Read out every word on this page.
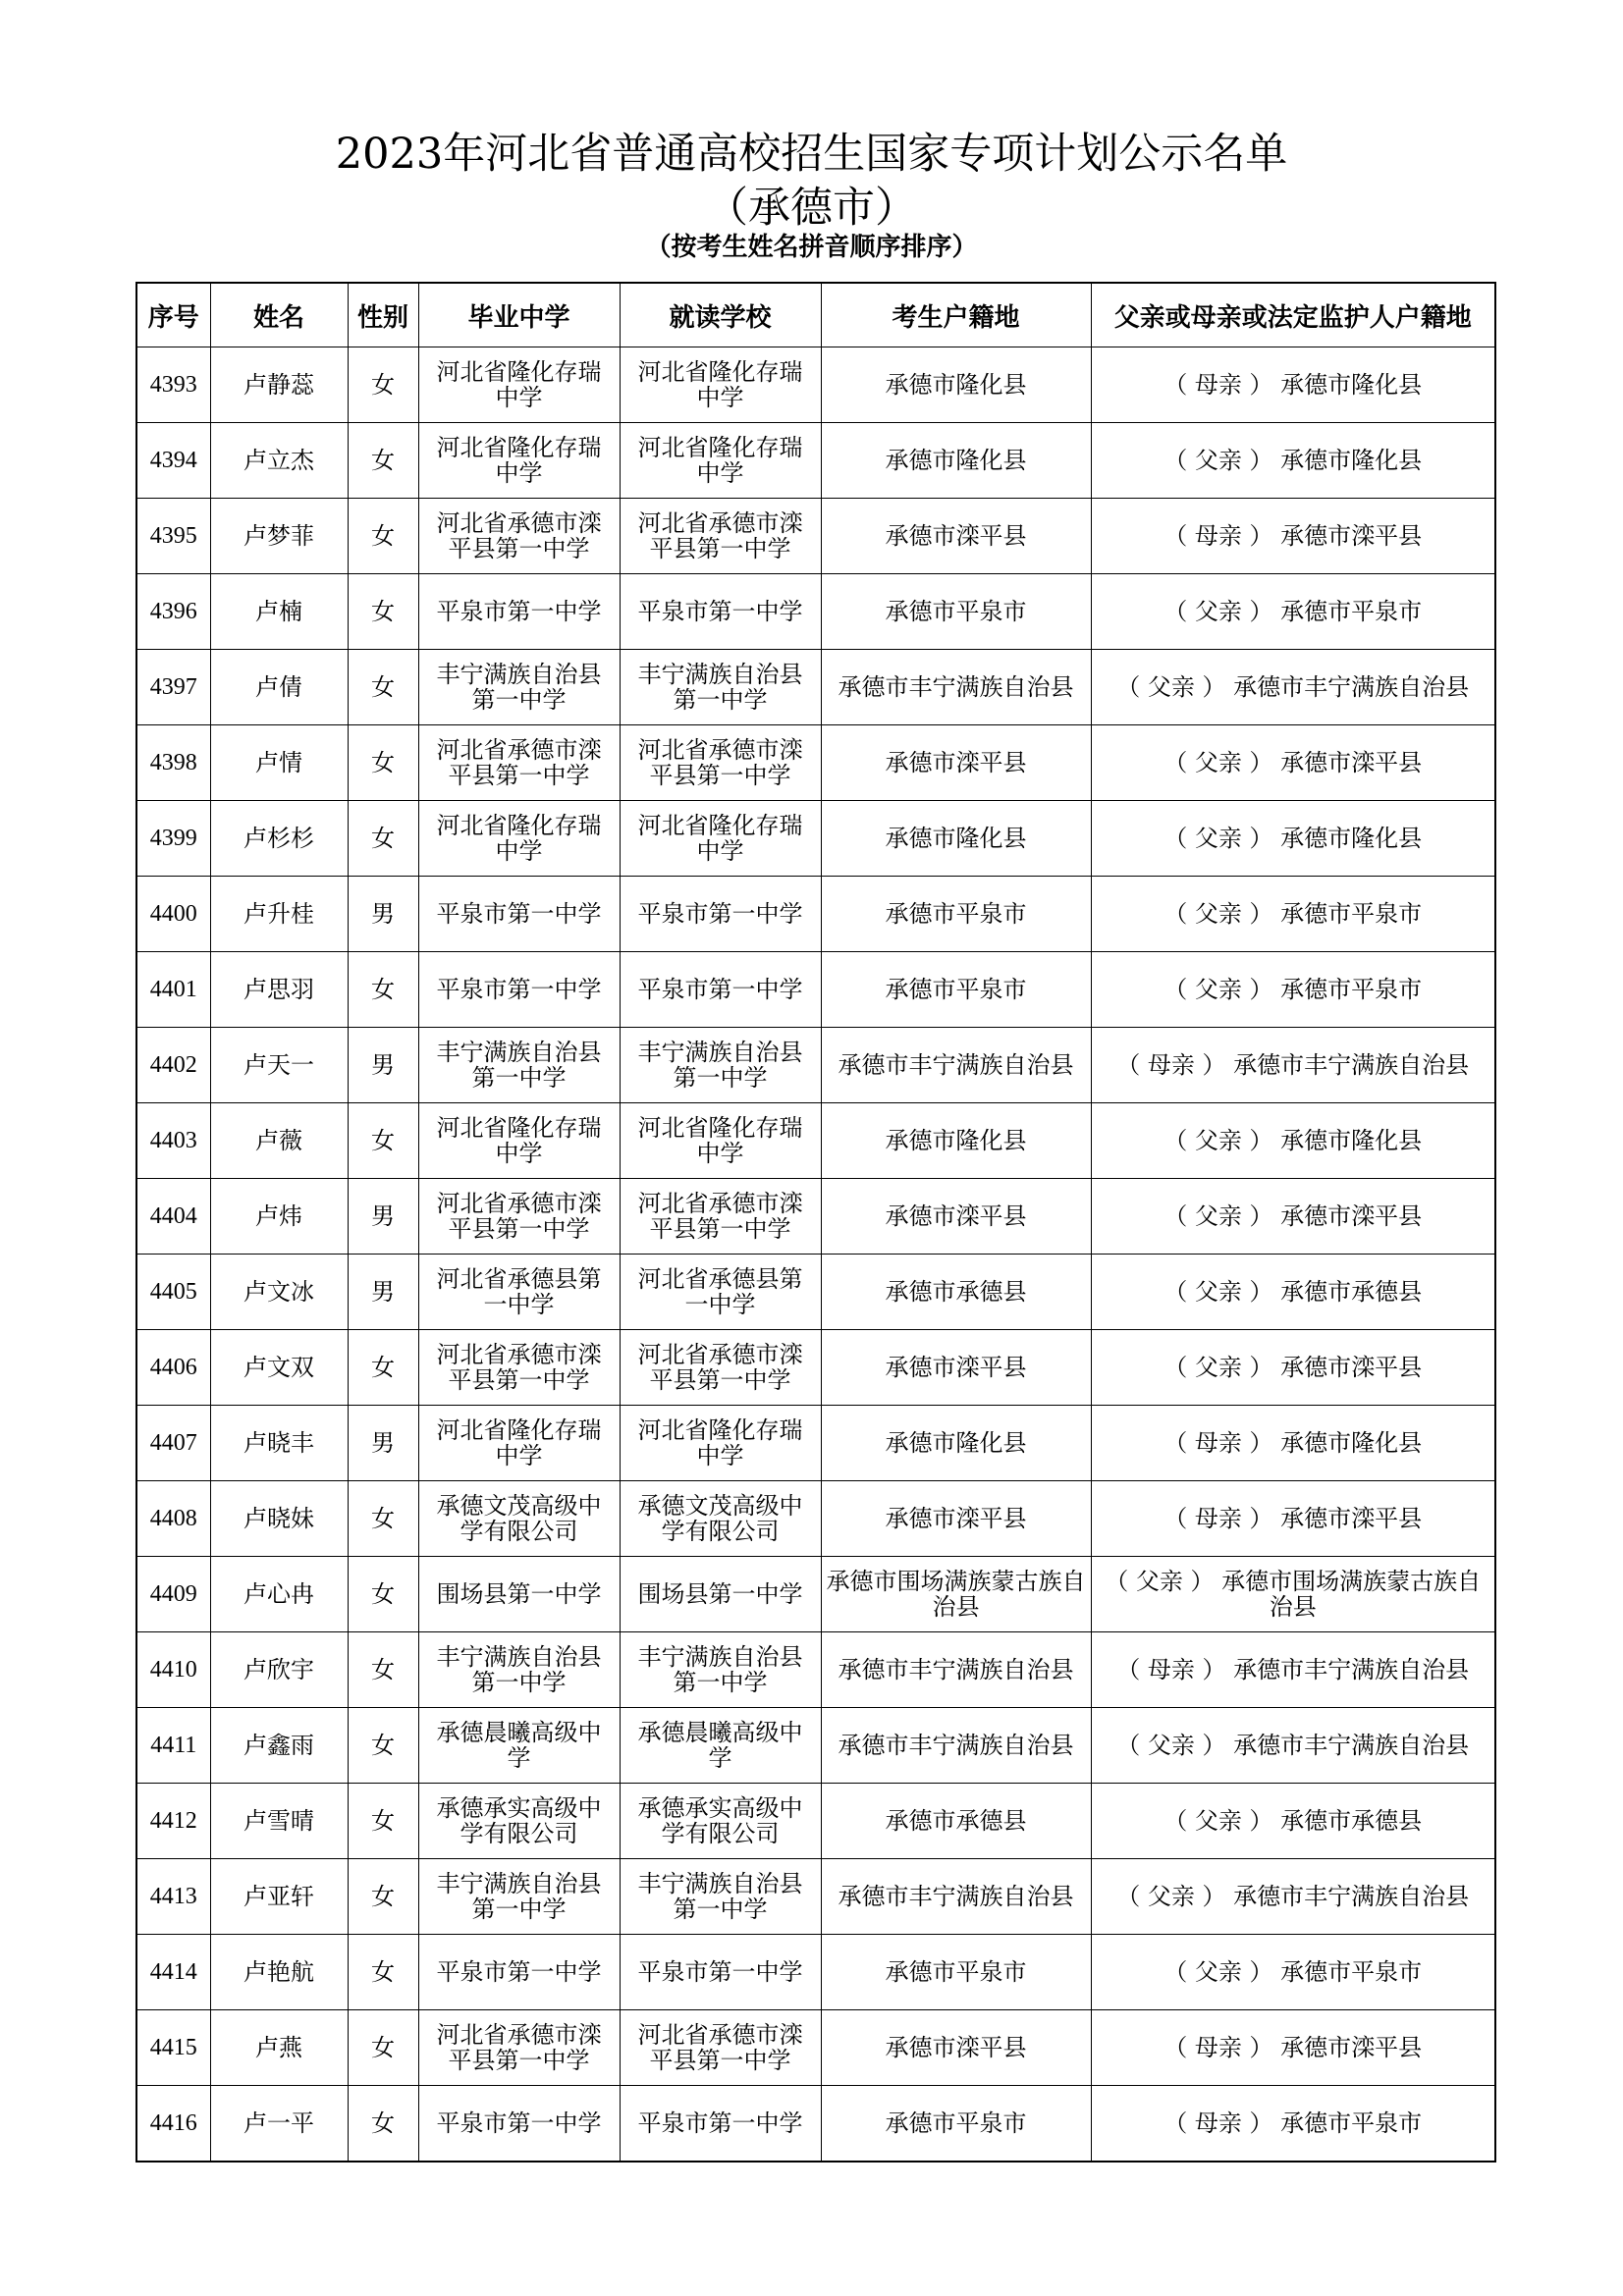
2023年河北省普通高校招生国家专项计划公示名单
（承德市）
（按考生姓名拼音顺序排序）
序号	姓名	性别	毕业中学	就读学校	考生户籍地	父亲或母亲或法定监护人户籍地
4393	卢静蕊	女	河北省隆化存瑞中学	河北省隆化存瑞中学	承德市隆化县	（ 母亲 ） 承德市隆化县
4394	卢立杰	女	河北省隆化存瑞中学	河北省隆化存瑞中学	承德市隆化县	（ 父亲 ） 承德市隆化县
4395	卢梦菲	女	河北省承德市滦平县第一中学	河北省承德市滦平县第一中学	承德市滦平县	（ 母亲 ） 承德市滦平县
4396	卢楠	女	平泉市第一中学	平泉市第一中学	承德市平泉市	（ 父亲 ） 承德市平泉市
4397	卢倩	女	丰宁满族自治县第一中学	丰宁满族自治县第一中学	承德市丰宁满族自治县	（ 父亲 ） 承德市丰宁满族自治县
4398	卢情	女	河北省承德市滦平县第一中学	河北省承德市滦平县第一中学	承德市滦平县	（ 父亲 ） 承德市滦平县
4399	卢杉杉	女	河北省隆化存瑞中学	河北省隆化存瑞中学	承德市隆化县	（ 父亲 ） 承德市隆化县
4400	卢升桂	男	平泉市第一中学	平泉市第一中学	承德市平泉市	（ 父亲 ） 承德市平泉市
4401	卢思羽	女	平泉市第一中学	平泉市第一中学	承德市平泉市	（ 父亲 ） 承德市平泉市
4402	卢天一	男	丰宁满族自治县第一中学	丰宁满族自治县第一中学	承德市丰宁满族自治县	（ 母亲 ） 承德市丰宁满族自治县
4403	卢薇	女	河北省隆化存瑞中学	河北省隆化存瑞中学	承德市隆化县	（ 父亲 ） 承德市隆化县
4404	卢炜	男	河北省承德市滦平县第一中学	河北省承德市滦平县第一中学	承德市滦平县	（ 父亲 ） 承德市滦平县
4405	卢文冰	男	河北省承德县第一中学	河北省承德县第一中学	承德市承德县	（ 父亲 ） 承德市承德县
4406	卢文双	女	河北省承德市滦平县第一中学	河北省承德市滦平县第一中学	承德市滦平县	（ 父亲 ） 承德市滦平县
4407	卢晓丰	男	河北省隆化存瑞中学	河北省隆化存瑞中学	承德市隆化县	（ 母亲 ） 承德市隆化县
4408	卢晓妹	女	承德文茂高级中学有限公司	承德文茂高级中学有限公司	承德市滦平县	（ 母亲 ） 承德市滦平县
4409	卢心冉	女	围场县第一中学	围场县第一中学	承德市围场满族蒙古族自治县	（ 父亲 ） 承德市围场满族蒙古族自治县
4410	卢欣宇	女	丰宁满族自治县第一中学	丰宁满族自治县第一中学	承德市丰宁满族自治县	（ 母亲 ） 承德市丰宁满族自治县
4411	卢鑫雨	女	承德晨曦高级中学	承德晨曦高级中学	承德市丰宁满族自治县	（ 父亲 ） 承德市丰宁满族自治县
4412	卢雪晴	女	承德承实高级中学有限公司	承德承实高级中学有限公司	承德市承德县	（ 父亲 ） 承德市承德县
4413	卢亚轩	女	丰宁满族自治县第一中学	丰宁满族自治县第一中学	承德市丰宁满族自治县	（ 父亲 ） 承德市丰宁满族自治县
4414	卢艳航	女	平泉市第一中学	平泉市第一中学	承德市平泉市	（ 父亲 ） 承德市平泉市
4415	卢燕	女	河北省承德市滦平县第一中学	河北省承德市滦平县第一中学	承德市滦平县	（ 母亲 ） 承德市滦平县
4416	卢一平	女	平泉市第一中学	平泉市第一中学	承德市平泉市	（ 母亲 ） 承德市平泉市
